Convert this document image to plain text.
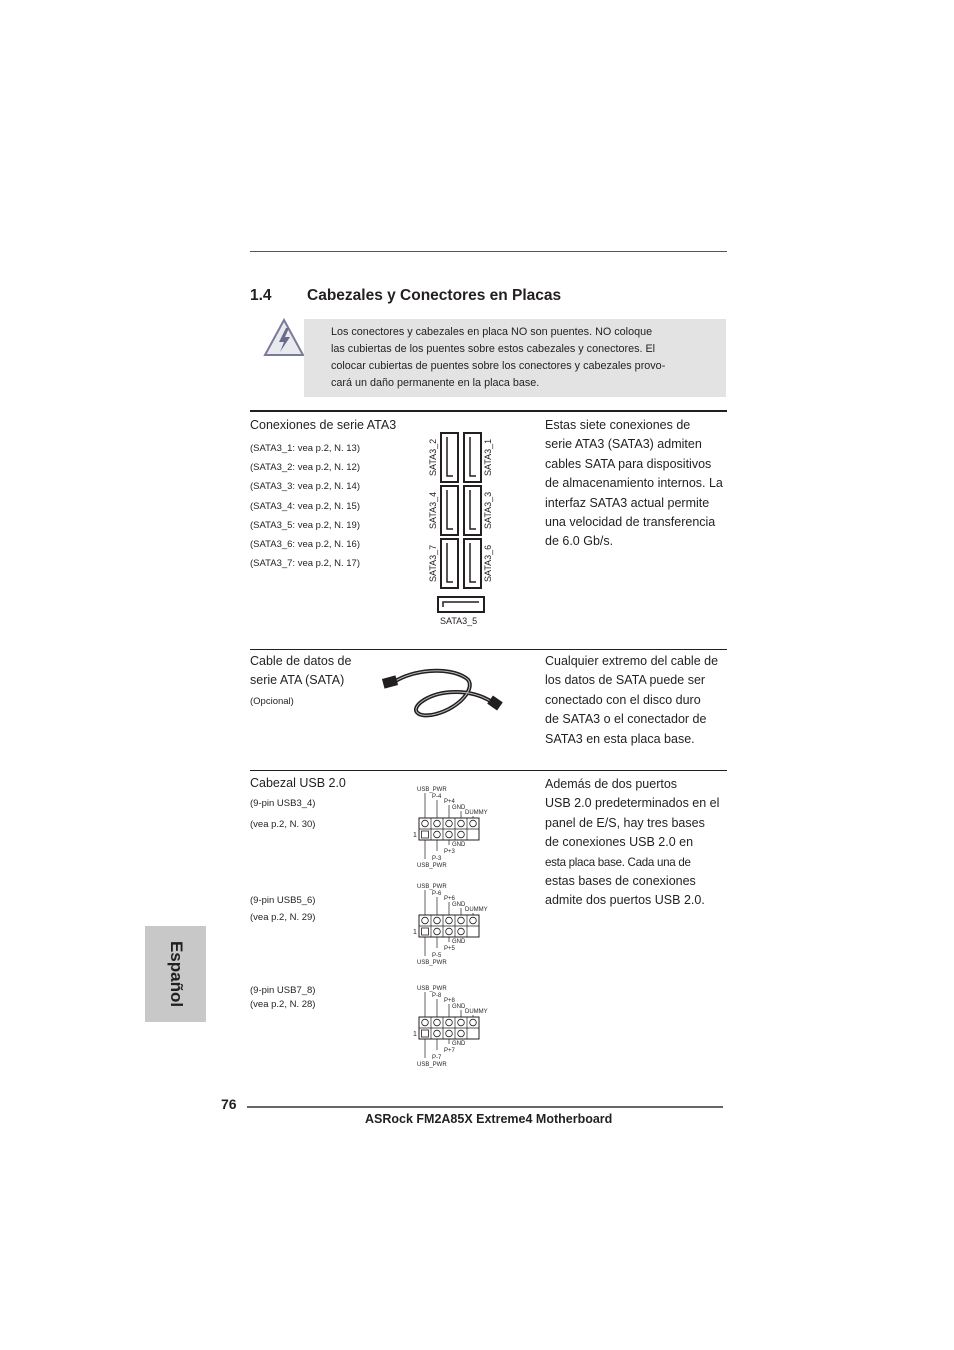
1.4 Cabezales y Conectores en Placas
Los conectores y cabezales en placa NO son puentes. NO coloque
las cubiertas de los puentes sobre estos cabezales y conectores. El
colocar cubiertas de puentes sobre los conectores y cabezales provo-
cará un daño permanente en la placa base.
Conexiones de serie ATA3
(SATA3_1: vea p.2, N. 13)
(SATA3_2: vea p.2, N. 12)
(SATA3_3: vea p.2, N. 14)
(SATA3_4: vea p.2, N. 15)
(SATA3_5: vea p.2, N. 19)
(SATA3_6: vea p.2, N. 16)
(SATA3_7: vea p.2, N. 17)
SATA3_2
SATA3_4
SATA3_7
SATA3_1
SATA3_3
SATA3_6
SATA3_5
Estas siete conexiones de
serie ATA3 (SATA3) admiten
cables SATA para dispositivos
de almacenamiento internos. La
interfaz SATA3 actual permite
una velocidad de transferencia
de 6.0 Gb/s.
Cable de datos de
serie ATA (SATA)
(Opcional)
Cualquier extremo del cable de
los datos de SATA puede ser
conectado con el disco duro
de SATA3 o el conectador de
SATA3 en esta placa base.
Cabezal USB 2.0
(9-pin USB3_4)
(vea p.2, N. 30)
(9-pin USB5_6)
(vea p.2, N. 29)
(9-pin USB7_8)
(vea p.2, N. 28)
USB_PWR
P-4
P+4
GND
DUMMY
1
GND
P+3
P-3
USB_PWR
USB_PWR
P-6
P+6
GND
DUMMY
1
GND
P+5
P-5
USB_PWR
USB_PWR
P-8
P+8
GND
DUMMY
1
GND
P+7
P-7
USB_PWR
Además de dos puertos
USB 2.0 predeterminados en el
panel de E/S, hay tres bases
de conexiones USB 2.0 en
esta placa base. Cada una de
estas bases de conexiones
admite dos puertos USB 2.0.
Español
76
ASRock FM2A85X Extreme4 Motherboard
